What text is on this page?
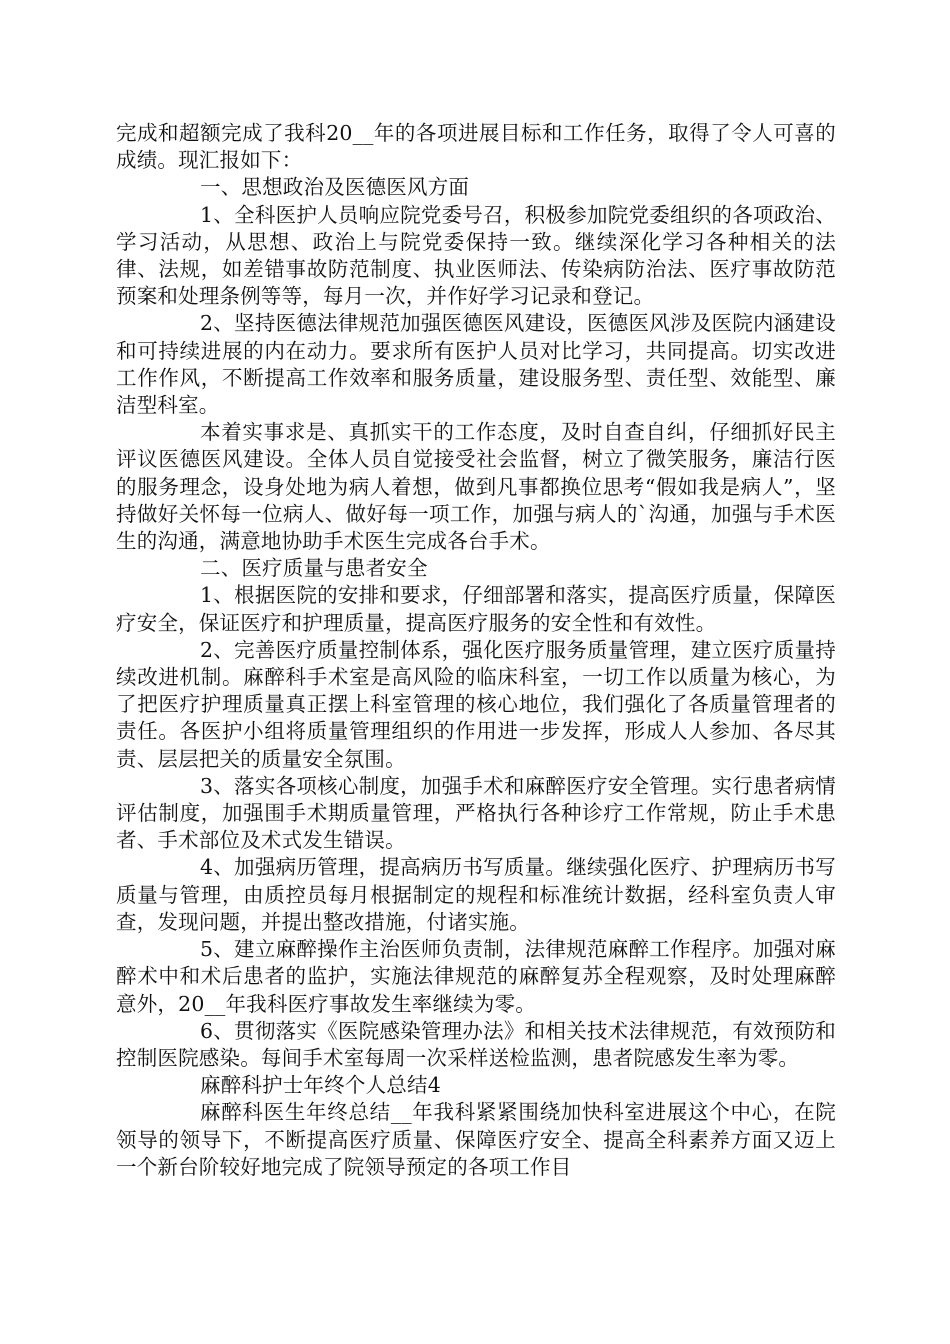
完成和超额完成了我科20__年的各项进展目标和工作任务，取得了令人可喜的成绩。现汇报如下：

一、思想政治及医德医风方面

1、全科医护人员响应院党委号召，积极参加院党委组织的各项政治、学习活动，从思想、政治上与院党委保持一致。继续深化学习各种相关的法律、法规，如差错事故防范制度、执业医师法、传染病防治法、医疗事故防范预案和处理条例等等，每月一次，并作好学习记录和登记。

2、坚持医德法律规范加强医德医风建设，医德医风涉及医院内涵建设和可持续进展的内在动力。要求所有医护人员对比学习，共同提高。切实改进工作作风，不断提高工作效率和服务质量，建设服务型、责任型、效能型、廉洁型科室。

本着实事求是、真抓实干的工作态度，及时自查自纠，仔细抓好民主评议医德医风建设。全体人员自觉接受社会监督，树立了微笑服务，廉洁行医的服务理念，设身处地为病人着想，做到凡事都换位思考“假如我是病人”，坚持做好关怀每一位病人、做好每一项工作，加强与病人的`沟通，加强与手术医生的沟通，满意地协助手术医生完成各台手术。

二、医疗质量与患者安全

1、根据医院的安排和要求，仔细部署和落实，提高医疗质量，保障医疗安全，保证医疗和护理质量，提高医疗服务的安全性和有效性。

2、完善医疗质量控制体系，强化医疗服务质量管理，建立医疗质量持续改进机制。麻醉科手术室是高风险的临床科室，一切工作以质量为核心，为了把医疗护理质量真正摆上科室管理的核心地位，我们强化了各质量管理者的责任。各医护小组将质量管理组织的作用进一步发挥，形成人人参加、各尽其责、层层把关的质量安全氛围。

3、落实各项核心制度，加强手术和麻醉医疗安全管理。实行患者病情评估制度，加强围手术期质量管理，严格执行各种诊疗工作常规，防止手术患者、手术部位及术式发生错误。

4、加强病历管理，提高病历书写质量。继续强化医疗、护理病历书写质量与管理，由质控员每月根据制定的规程和标准统计数据，经科室负责人审查，发现问题，并提出整改措施，付诸实施。

5、建立麻醉操作主治医师负责制，法律规范麻醉工作程序。加强对麻醉术中和术后患者的监护，实施法律规范的麻醉复苏全程观察，及时处理麻醉意外，20__年我科医疗事故发生率继续为零。

6、贯彻落实《医院感染管理办法》和相关技术法律规范，有效预防和控制医院感染。每间手术室每周一次采样送检监测，患者院感发生率为零。

麻醉科护士年终个人总结4

麻醉科医生年终总结__年我科紧紧围绕加快科室进展这个中心，在院领导的领导下，不断提高医疗质量、保障医疗安全、提高全科素养方面又迈上一个新台阶较好地完成了院领导预定的各项工作目
